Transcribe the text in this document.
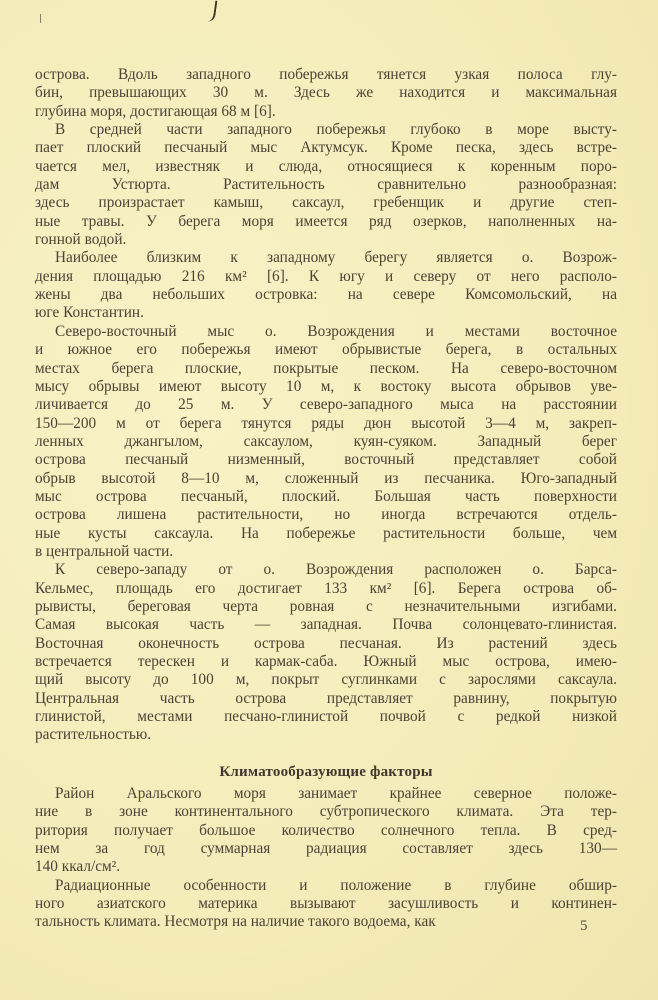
острова. Вдоль западного побережья тянется узкая полоса глу-
бин, превышающих 30 м. Здесь же находится и максимальная
глубина моря, достигающая 68 м [6].

В средней части западного побережья глубоко в море высту-
пает плоский песчаный мыс Актумсук. Кроме песка, здесь встре-
чается мел, известняк и слюда, относящиеся к коренным поро-
дам Устюрта. Растительность сравнительно разнообразная:
здесь произрастает камыш, саксаул, гребенщик и другие степ-
ные травы. У берега моря имеется ряд озерков, наполненных на-
гонной водой.

Наиболее близким к западному берегу является о. Возрож-
дения площадью 216 км² [6]. К югу и северу от него располо-
жены два небольших островка: на севере Комсомольский, на
юге Константин.

Северо-восточный мыс о. Возрождения и местами восточное
и южное его побережья имеют обрывистые берега, в остальных
местах берега плоские, покрытые песком. На северо-восточном
мысу обрывы имеют высоту 10 м, к востоку высота обрывов уве-
личивается до 25 м. У северо-западного мыса на расстоянии
150—200 м от берега тянутся ряды дюн высотой 3—4 м, закреп-
ленных джангылом, саксаулом, куян-суяком. Западный берег
острова песчаный низменный, восточный представляет собой
обрыв высотой 8—10 м, сложенный из песчаника. Юго-западный
мыс острова песчаный, плоский. Большая часть поверхности
острова лишена растительности, но иногда встречаются отдель-
ные кусты саксаула. На побережье растительности больше, чем
в центральной части.

К северо-западу от о. Возрождения расположен о. Барса-
Кельмес, площадь его достигает 133 км² [6]. Берега острова об-
рывисты, береговая черта ровная с незначительными изгибами.
Самая высокая часть — западная. Почва солонцевато-глинистая.
Восточная оконечность острова песчаная. Из растений здесь
встречается терескен и кармак-саба. Южный мыс острова, имею-
щий высоту до 100 м, покрыт суглинками с зарослями саксаула.
Центральная часть острова представляет равнину, покрытую
глинистой, местами песчано-глинистой почвой с редкой низкой
растительностью.

Климатообразующие факторы

Район Аральского моря занимает крайнее северное положе-
ние в зоне континентального субтропического климата. Эта тер-
ритория получает большое количество солнечного тепла. В сред-
нем за год суммарная радиация составляет здесь 130—
140 ккал/см².

Радиационные особенности и положение в глубине обшир-
ного азиатского материка вызывают засушливость и континен-
тальность климата. Несмотря на наличие такого водоема, как	5
